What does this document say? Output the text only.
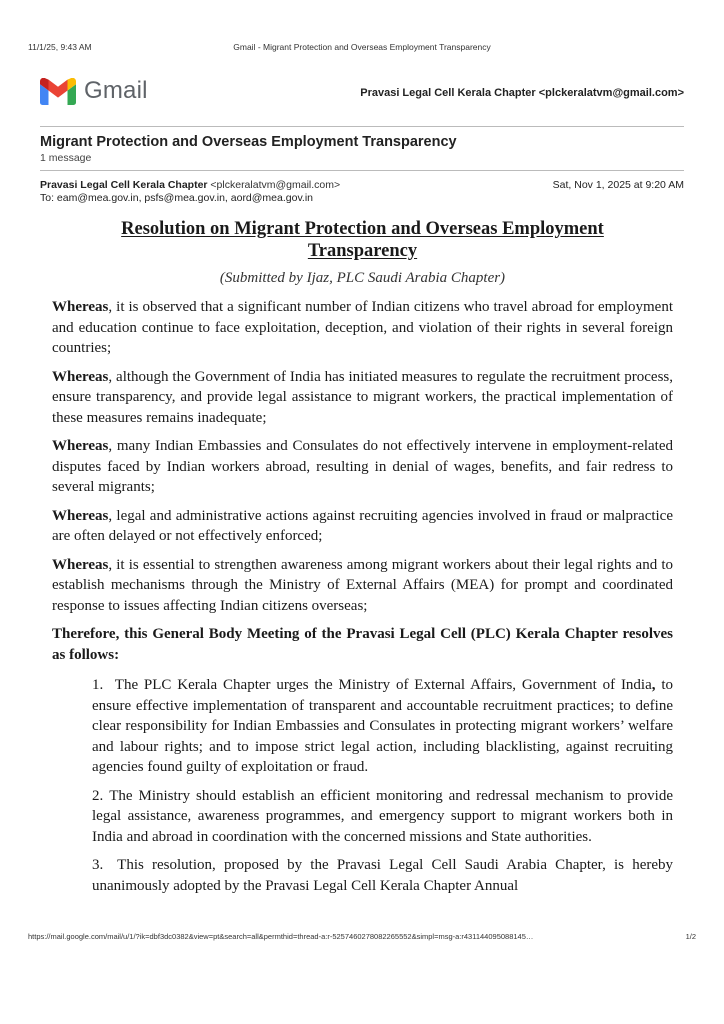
11/1/25, 9:43 AM	Gmail - Migrant Protection and Overseas Employment Transparency
Gmail	Pravasi Legal Cell Kerala Chapter <plckeralatvm@gmail.com>
Migrant Protection and Overseas Employment Transparency
1 message
Pravasi Legal Cell Kerala Chapter <plckeralatvm@gmail.com>	Sat, Nov 1, 2025 at 9:20 AM
To: eam@mea.gov.in, psfs@mea.gov.in, aord@mea.gov.in
Resolution on Migrant Protection and Overseas Employment Transparency
(Submitted by Ijaz, PLC Saudi Arabia Chapter)

Whereas, it is observed that a significant number of Indian citizens who travel abroad for employment and education continue to face exploitation, deception, and violation of their rights in several foreign countries;

Whereas, although the Government of India has initiated measures to regulate the recruitment process, ensure transparency, and provide legal assistance to migrant workers, the practical implementation of these measures remains inadequate;

Whereas, many Indian Embassies and Consulates do not effectively intervene in employment-related disputes faced by Indian workers abroad, resulting in denial of wages, benefits, and fair redress to several migrants;

Whereas, legal and administrative actions against recruiting agencies involved in fraud or malpractice are often delayed or not effectively enforced;

Whereas, it is essential to strengthen awareness among migrant workers about their legal rights and to establish mechanisms through the Ministry of External Affairs (MEA) for prompt and coordinated response to issues affecting Indian citizens overseas;

Therefore, this General Body Meeting of the Pravasi Legal Cell (PLC) Kerala Chapter resolves as follows:

1. The PLC Kerala Chapter urges the Ministry of External Affairs, Government of India, to ensure effective implementation of transparent and accountable recruitment practices; to define clear responsibility for Indian Embassies and Consulates in protecting migrant workers’ welfare and labour rights; and to impose strict legal action, including blacklisting, against recruiting agencies found guilty of exploitation or fraud.
2. The Ministry should establish an efficient monitoring and redressal mechanism to provide legal assistance, awareness programmes, and emergency support to migrant workers both in India and abroad in coordination with the concerned missions and State authorities.
3. This resolution, proposed by the Pravasi Legal Cell Saudi Arabia Chapter, is hereby unanimously adopted by the Pravasi Legal Cell Kerala Chapter Annual
https://mail.google.com/mail/u/1/?ik=dbf3dc0382&view=pt&search=all&permthid=thread-a:r-5257460278082265552&simpl=msg-a:r431144095088145…	1/2
